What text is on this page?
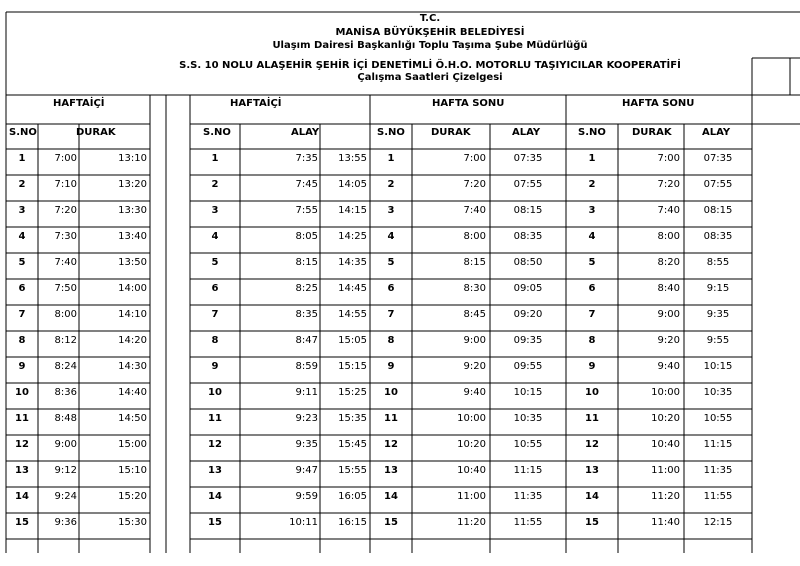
T.C.
MANİSA BÜYÜKŞEHİR BELEDİYESİ
Ulaşım Dairesi Başkanlığı Toplu Taşıma Şube Müdürlüğü
S.S. 10 NOLU ALAŞEHİR ŞEHİR İÇİ DENETİMLİ Ö.H.O. MOTORLU TAŞIYICILAR KOOPERATİFİ
Çalışma Saatleri Çizelgesi
HAFTAİÇİ	HAFTAİÇİ	HAFTA SONU	HAFTA SONU
S.NO	DURAK	S.NO	ALAY	S.NO	DURAK	ALAY	S.NO	DURAK	ALAY
1	7:00	13:10	1	7:35	13:55	1	7:00	07:35	1	7:00	07:35
2	7:10	13:20	2	7:45	14:05	2	7:20	07:55	2	7:20	07:55
3	7:20	13:30	3	7:55	14:15	3	7:40	08:15	3	7:40	08:15
4	7:30	13:40	4	8:05	14:25	4	8:00	08:35	4	8:00	08:35
5	7:40	13:50	5	8:15	14:35	5	8:15	08:50	5	8:20	8:55
6	7:50	14:00	6	8:25	14:45	6	8:30	09:05	6	8:40	9:15
7	8:00	14:10	7	8:35	14:55	7	8:45	09:20	7	9:00	9:35
8	8:12	14:20	8	8:47	15:05	8	9:00	09:35	8	9:20	9:55
9	8:24	14:30	9	8:59	15:15	9	9:20	09:55	9	9:40	10:15
10	8:36	14:40	10	9:11	15:25	10	9:40	10:15	10	10:00	10:35
11	8:48	14:50	11	9:23	15:35	11	10:00	10:35	11	10:20	10:55
12	9:00	15:00	12	9:35	15:45	12	10:20	10:55	12	10:40	11:15
13	9:12	15:10	13	9:47	15:55	13	10:40	11:15	13	11:00	11:35
14	9:24	15:20	14	9:59	16:05	14	11:00	11:35	14	11:20	11:55
15	9:36	15:30	15	10:11	16:15	15	11:20	11:55	15	11:40	12:15
